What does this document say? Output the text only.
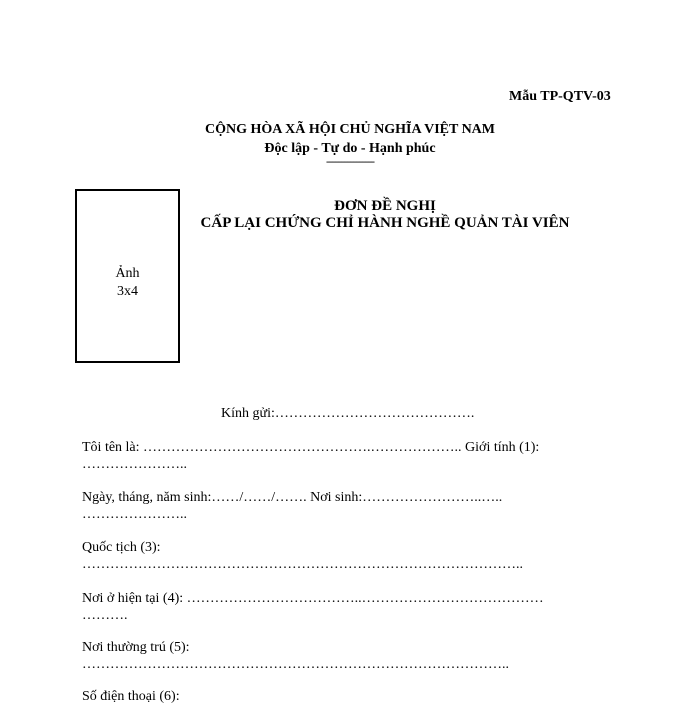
Mẫu TP-QTV-03
CỘNG HÒA XÃ HỘI CHỦ NGHĨA VIỆT NAM
Độc lập - Tự do - Hạnh phúc
----------------
Ảnh
3x4
ĐƠN ĐỀ NGHỊ
CẤP LẠI CHỨNG CHỈ HÀNH NGHỀ QUẢN TÀI VIÊN
Kính gửi:…………………………………….
Tôi tên là: ………………………………………….……………….. Giới tính (1):
…………………..
Ngày, tháng, năm sinh:……/……/……. Nơi sinh:……………………..…..
…………………..
Quốc tịch (3):
…………………………………………………………………………………..
Nơi ở hiện tại (4): ………………………………..…………………………………
……….
Nơi thường trú (5):
………………………………………………………………………………..
Số điện thoại (6):
